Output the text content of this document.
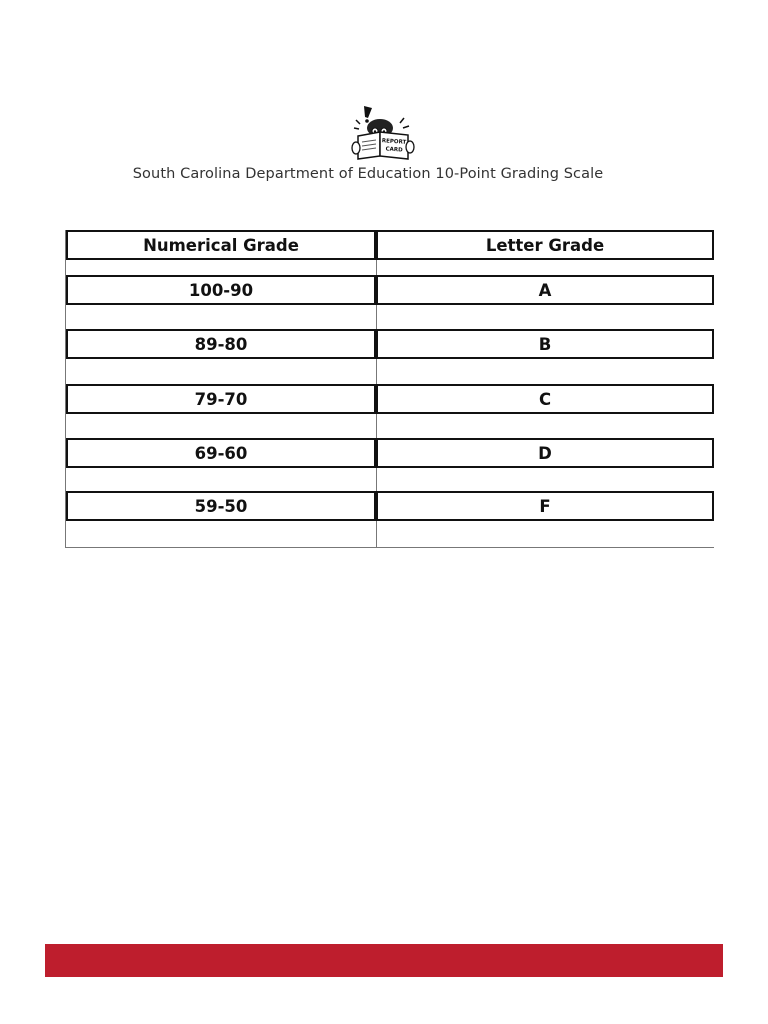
REPORT
CARD
South Carolina Department of Education 10-Point Grading Scale
Numerical Grade	Letter Grade
100-90	A
89-80	B
79-70	C
69-60	D
59-50	F
